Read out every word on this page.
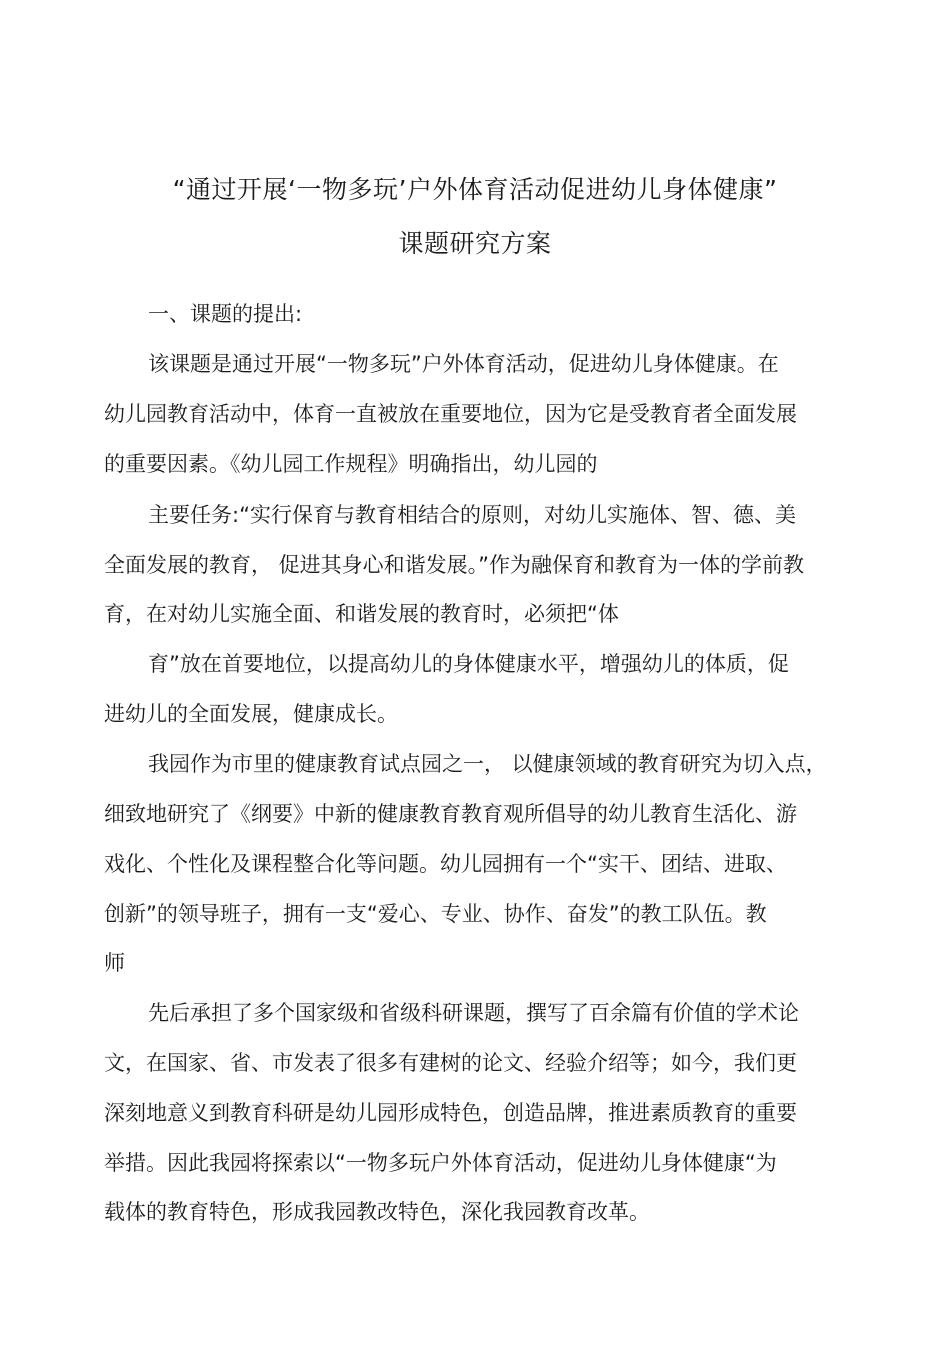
“通过开展‘一物多玩’户外体育活动促进幼儿身体健康”
课题研究方案
一、课题的提出:
该课题是通过开展“一物多玩”户外体育活动，促进幼儿身体健康。在
幼儿园教育活动中，体育一直被放在重要地位，因为它是受教育者全面发展
的重要因素。《幼儿园工作规程》明确指出，幼儿园的
主要任务:“实行保育与教育相结合的原则，对幼儿实施体、智、德、美
全面发展的教育， 促进其身心和谐发展。”作为融保育和教育为一体的学前教
育，在对幼儿实施全面、和谐发展的教育时，必须把“体
育”放在首要地位，以提高幼儿的身体健康水平，增强幼儿的体质，促
进幼儿的全面发展，健康成长。
我园作为市里的健康教育试点园之一， 以健康领域的教育研究为切入点，
细致地研究了《纲要》中新的健康教育教育观所倡导的幼儿教育生活化、游
戏化、个性化及课程整合化等问题。幼儿园拥有一个“实干、团结、进取、
创新”的领导班子，拥有一支“爱心、专业、协作、奋发”的教工队伍。教
师
先后承担了多个国家级和省级科研课题，撰写了百余篇有价值的学术论
文，在国家、省、市发表了很多有建树的论文、经验介绍等；如今，我们更
深刻地意义到教育科研是幼儿园形成特色，创造品牌，推进素质教育的重要
举措。因此我园将探索以“一物多玩户外体育活动，促进幼儿身体健康“为
载体的教育特色，形成我园教改特色，深化我园教育改革。
